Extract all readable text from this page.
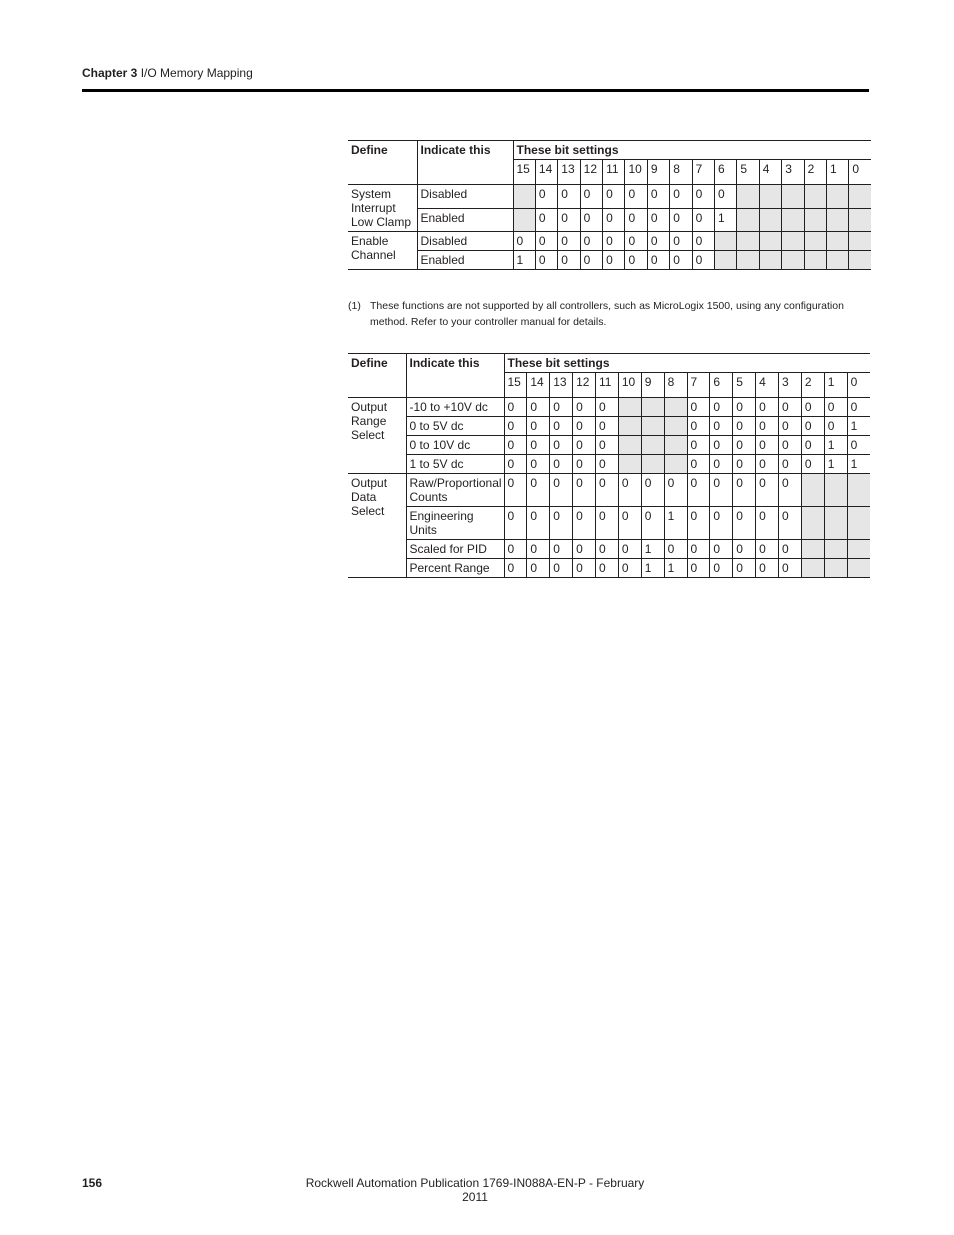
Chapter 3 I/O Memory Mapping
Define	Indicate this	These bit settings															
		15	14	13	12	11	10	9	8	7	6	5	4	3	2	1	0
System Interrupt Low Clamp	Disabled		0	0	0	0	0	0	0	0	0						
	Enabled		0	0	0	0	0	0	0	0	1						
Enable Channel	Disabled	0	0	0	0	0	0	0	0	0							
	Enabled	1	0	0	0	0	0	0	0	0							
(1) These functions are not supported by all controllers, such as MicroLogix 1500, using any configuration method. Refer to your controller manual for details.
Define	Indicate this	These bit settings															
		15	14	13	12	11	10	9	8	7	6	5	4	3	2	1	0
Output Range Select	-10 to +10V dc	0	0	0	0	0				0	0	0	0	0	0	0	0
	0 to 5V dc	0	0	0	0	0				0	0	0	0	0	0	0	1
	0 to 10V dc	0	0	0	0	0				0	0	0	0	0	0	1	0
	1 to 5V dc	0	0	0	0	0				0	0	0	0	0	0	1	1
Output Data Select	Raw/Proportional Counts	0	0	0	0	0	0	0	0	0	0	0	0	0			
	Engineering Units	0	0	0	0	0	0	0	1	0	0	0	0	0			
	Scaled for PID	0	0	0	0	0	0	1	0	0	0	0	0	0			
	Percent Range	0	0	0	0	0	0	1	1	0	0	0	0	0			
156	Rockwell Automation Publication 1769-IN088A-EN-P - February 2011
